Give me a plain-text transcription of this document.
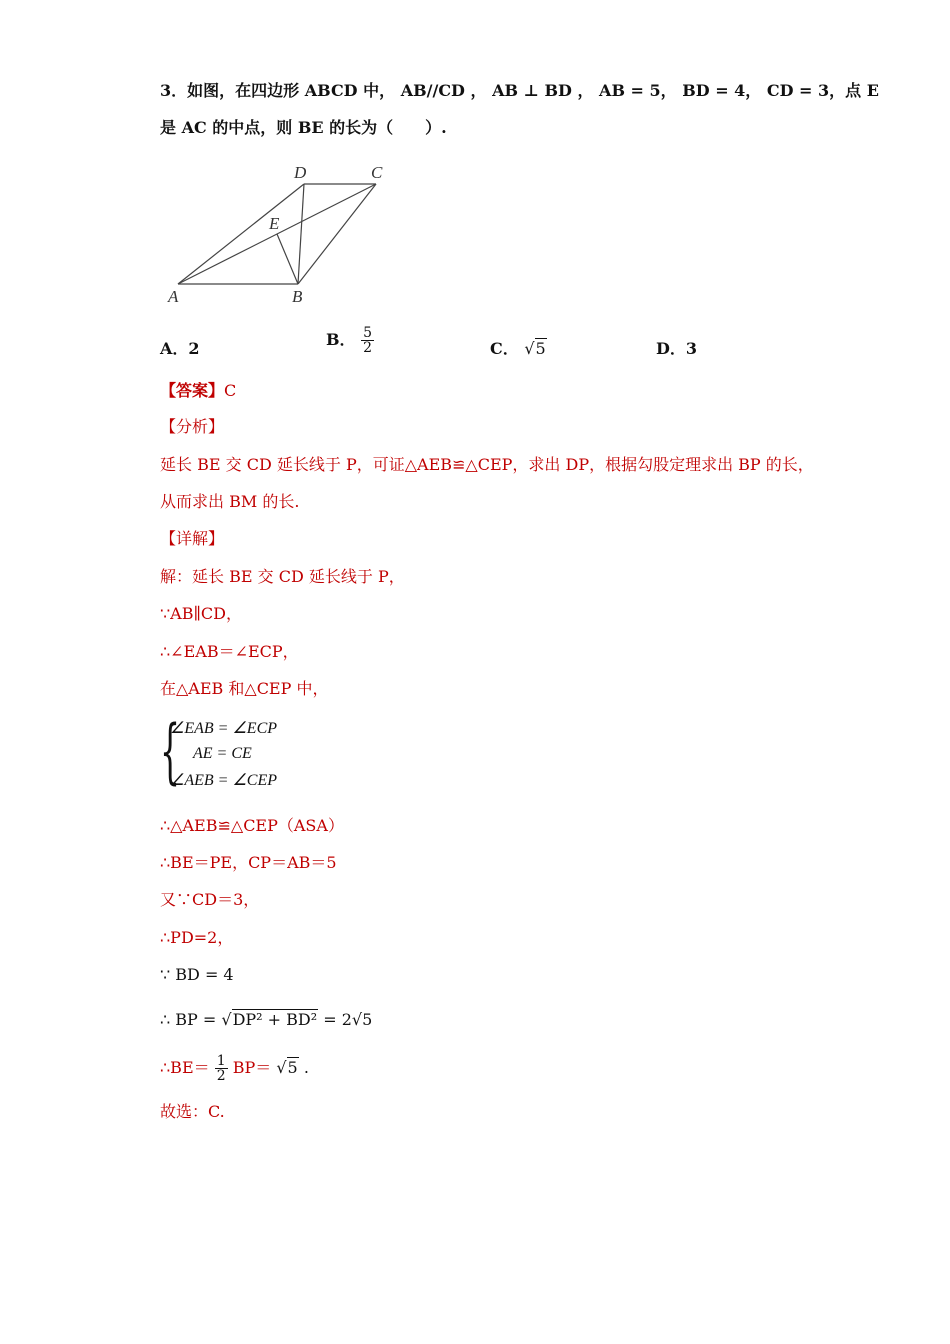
3．如图，在四边形 ABCD 中， AB//CD ， AB ⊥ BD ， AB = 5， BD = 4， CD = 3，点 E
是 AC 的中点，则 BE 的长为（　　）.
A	B
C
D
E
A．2	B． $\frac{5}{2}$	C． √5	D．3
【答案】C
【分析】
延长 BE 交 CD 延长线于 P，可证△AEB≌△CEP，求出 DP，根据勾股定理求出 BP 的长，
从而求出 BM 的长.
【详解】
解：延长 BE 交 CD 延长线于 P，
∵AB∥CD，
∴∠EAB＝∠ECP，
在△AEB 和△CEP 中，
{
∠EAB = ∠ECP
AE = CE
∠AEB = ∠CEP
∴△AEB≌△CEP（ASA）
∴BE＝PE，CP＝AB＝5
又∵CD＝3，
∴PD=2，
∵ BD = 4
∴ BP = √DP² + BD² = 2√5
∴BE＝ $\frac{1}{2} BP= √5$ .
故选：C.
